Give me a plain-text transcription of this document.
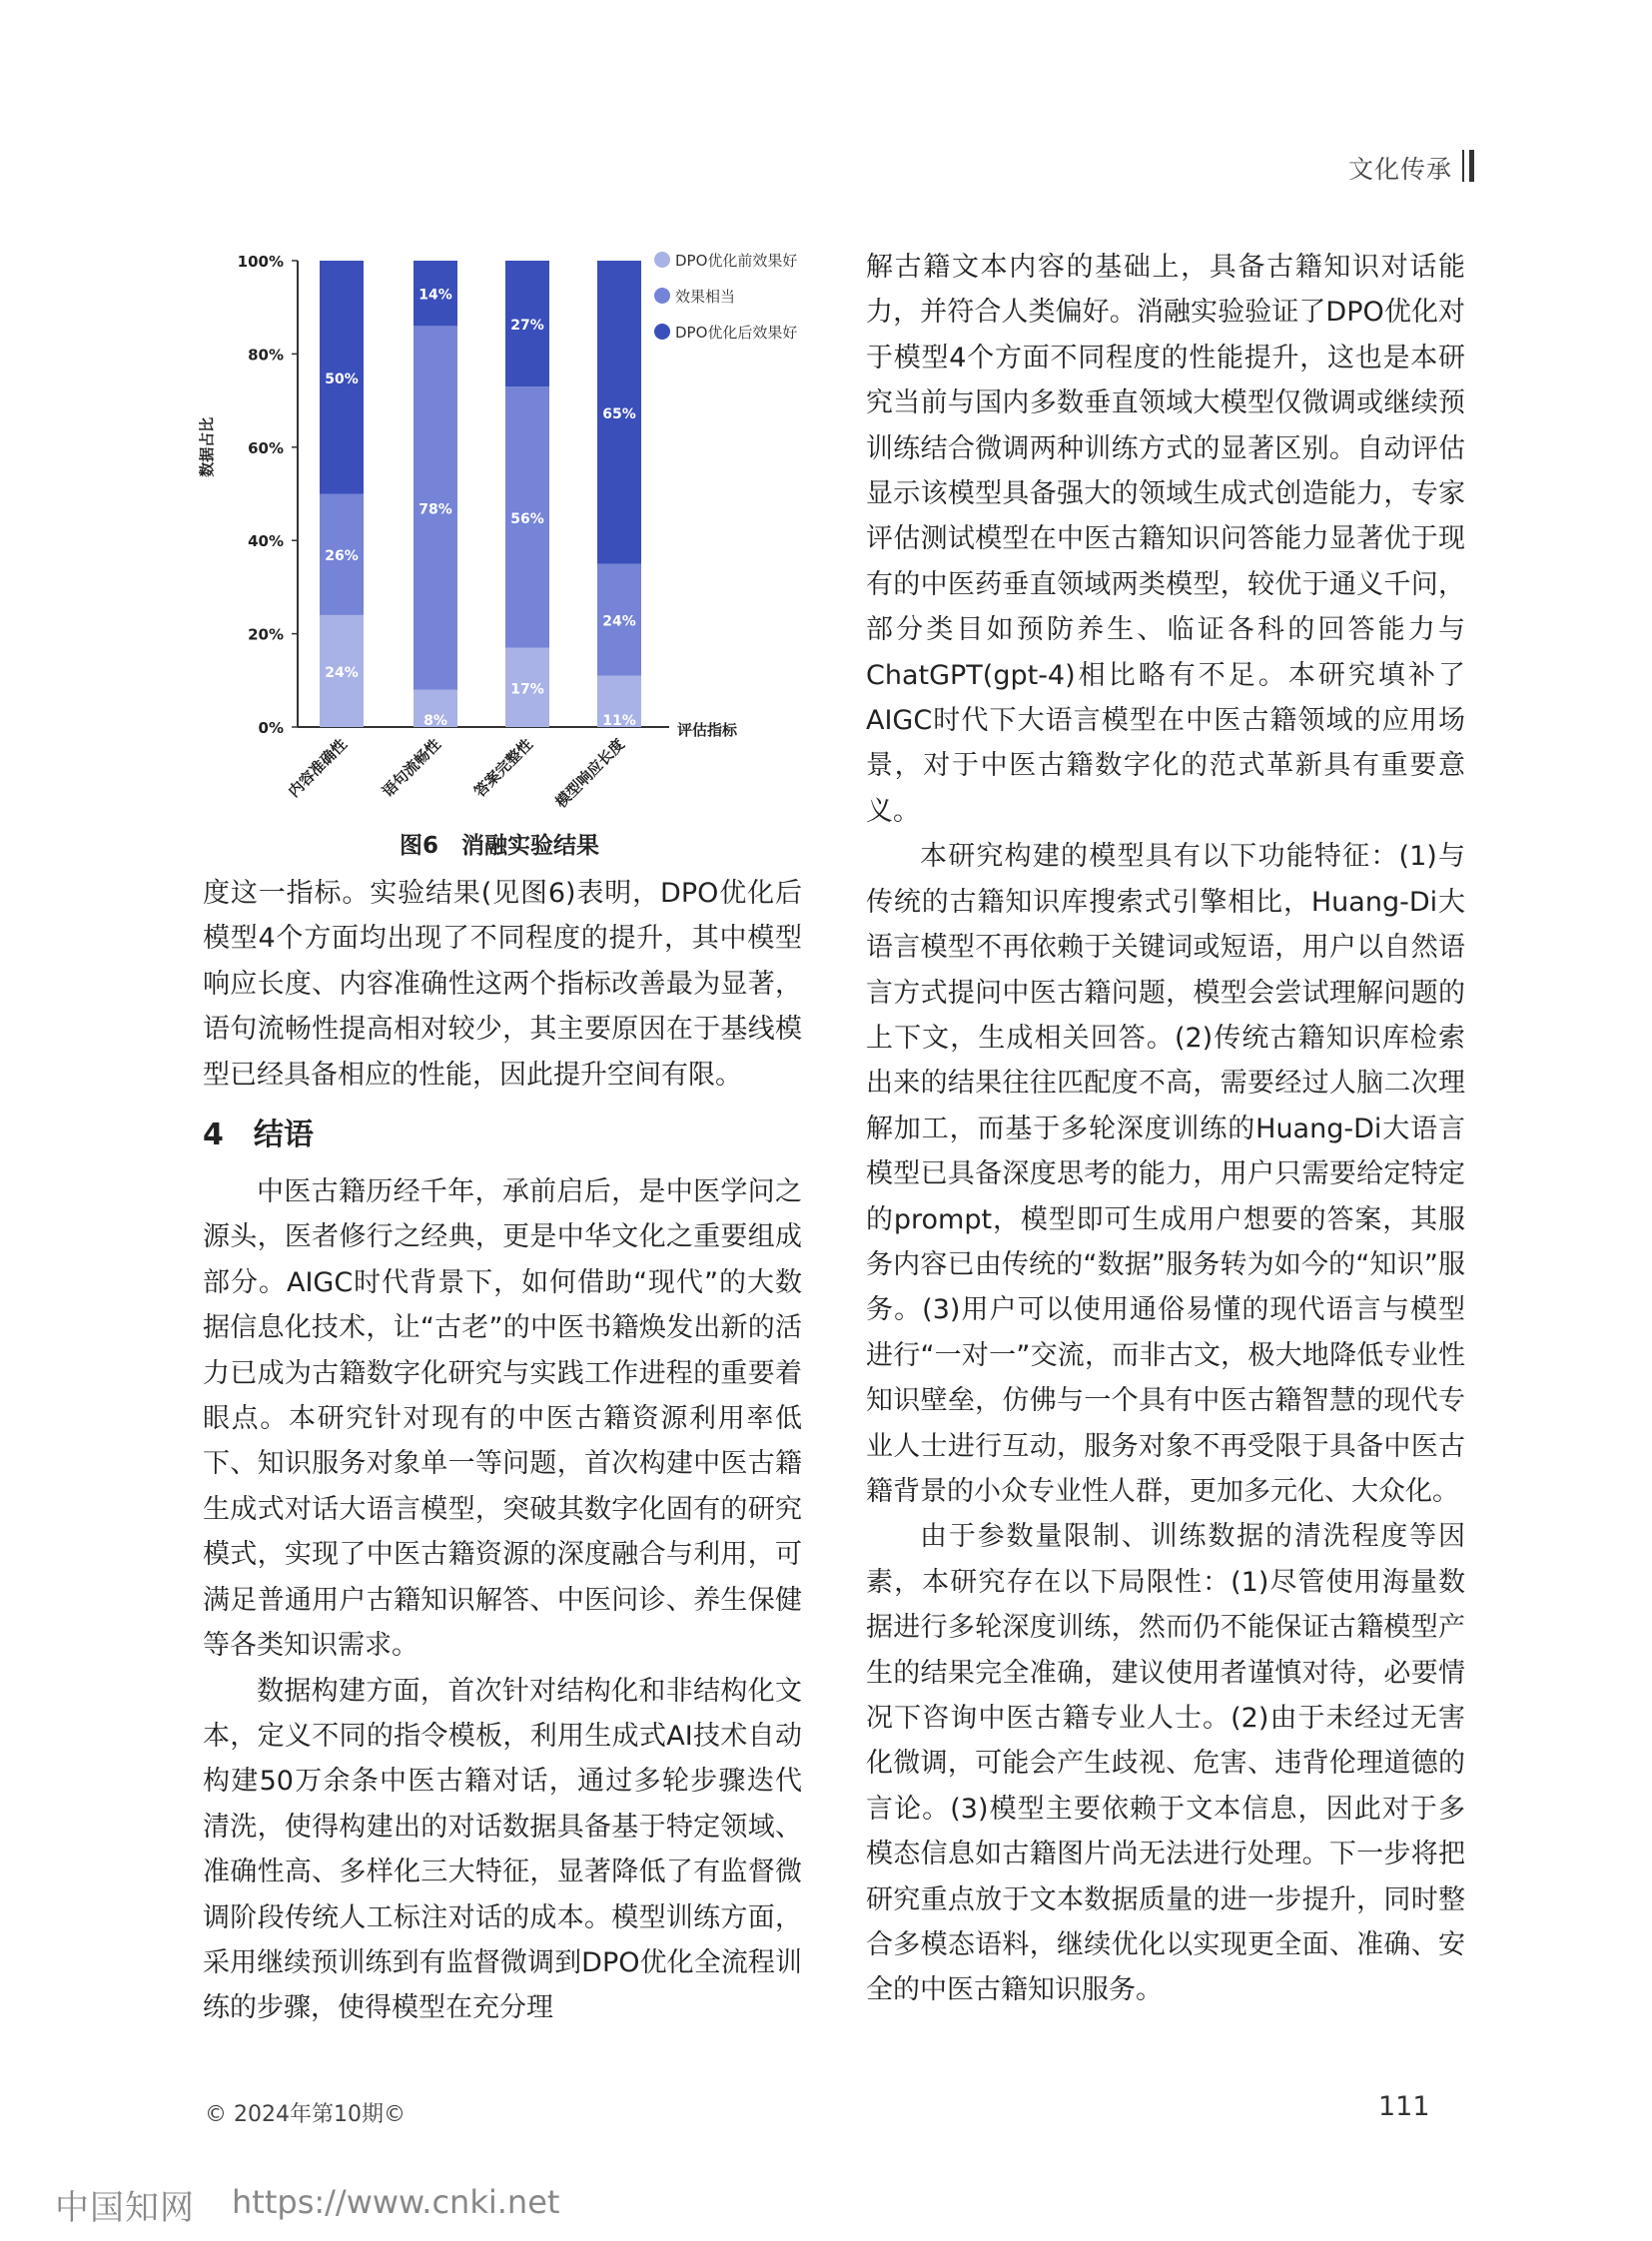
文化传承
0%
20%
40%
60%
80%
100%
数据占比
评估指标
24%
26%
50%
内容准确性
8%
78%
14%
语句流畅性
17%
56%
27%
答案完整性
11%
24%
65%
模型响应长度
DPO优化前效果好
效果相当
DPO优化后效果好
图6　消融实验结果

度这一指标。实验结果(见图6)表明，DPO优化后模型4个方面均出现了不同程度的提升，其中模型响应长度、内容准确性这两个指标改善最为显著，语句流畅性提高相对较少，其主要原因在于基线模型已经具备相应的性能，因此提升空间有限。

4　结语

中医古籍历经千年，承前启后，是中医学问之源头，医者修行之经典，更是中华文化之重要组成部分。AIGC时代背景下，如何借助“现代”的大数据信息化技术，让“古老”的中医书籍焕发出新的活力已成为古籍数字化研究与实践工作进程的重要着眼点。本研究针对现有的中医古籍资源利用率低下、知识服务对象单一等问题，首次构建中医古籍生成式对话大语言模型，突破其数字化固有的研究模式，实现了中医古籍资源的深度融合与利用，可满足普通用户古籍知识解答、中医问诊、养生保健等各类知识需求。

数据构建方面，首次针对结构化和非结构化文本，定义不同的指令模板，利用生成式AI技术自动构建50万余条中医古籍对话，通过多轮步骤迭代清洗，使得构建出的对话数据具备基于特定领域、准确性高、多样化三大特征，显著降低了有监督微调阶段传统人工标注对话的成本。模型训练方面，采用继续预训练到有监督微调到DPO优化全流程训练的步骤，使得模型在充分理

解古籍文本内容的基础上，具备古籍知识对话能力，并符合人类偏好。消融实验验证了DPO优化对于模型4个方面不同程度的性能提升，这也是本研究当前与国内多数垂直领域大模型仅微调或继续预训练结合微调两种训练方式的显著区别。自动评估显示该模型具备强大的领域生成式创造能力，专家评估测试模型在中医古籍知识问答能力显著优于现有的中医药垂直领域两类模型，较优于通义千问，部分类目如预防养生、临证各科的回答能力与ChatGPT(gpt-4)相比略有不足。本研究填补了AIGC时代下大语言模型在中医古籍领域的应用场景，对于中医古籍数字化的范式革新具有重要意义。

本研究构建的模型具有以下功能特征：(1)与传统的古籍知识库搜索式引擎相比，Huang-Di大语言模型不再依赖于关键词或短语，用户以自然语言方式提问中医古籍问题，模型会尝试理解问题的上下文，生成相关回答。(2)传统古籍知识库检索出来的结果往往匹配度不高，需要经过人脑二次理解加工，而基于多轮深度训练的Huang-Di大语言模型已具备深度思考的能力，用户只需要给定特定的prompt，模型即可生成用户想要的答案，其服务内容已由传统的“数据”服务转为如今的“知识”服务。(3)用户可以使用通俗易懂的现代语言与模型进行“一对一”交流，而非古文，极大地降低专业性知识壁垒，仿佛与一个具有中医古籍智慧的现代专业人士进行互动，服务对象不再受限于具备中医古籍背景的小众专业性人群，更加多元化、大众化。

由于参数量限制、训练数据的清洗程度等因素，本研究存在以下局限性：(1)尽管使用海量数据进行多轮深度训练，然而仍不能保证古籍模型产生的结果完全准确，建议使用者谨慎对待，必要情况下咨询中医古籍专业人士。(2)由于未经过无害化微调，可能会产生歧视、危害、违背伦理道德的言论。(3)模型主要依赖于文本信息，因此对于多模态信息如古籍图片尚无法进行处理。下一步将把研究重点放于文本数据质量的进一步提升，同时整合多模态语料，继续优化以实现更全面、准确、安全的中医古籍知识服务。

© 2024年第10期©	111
中国知网 https://www.cnki.net
